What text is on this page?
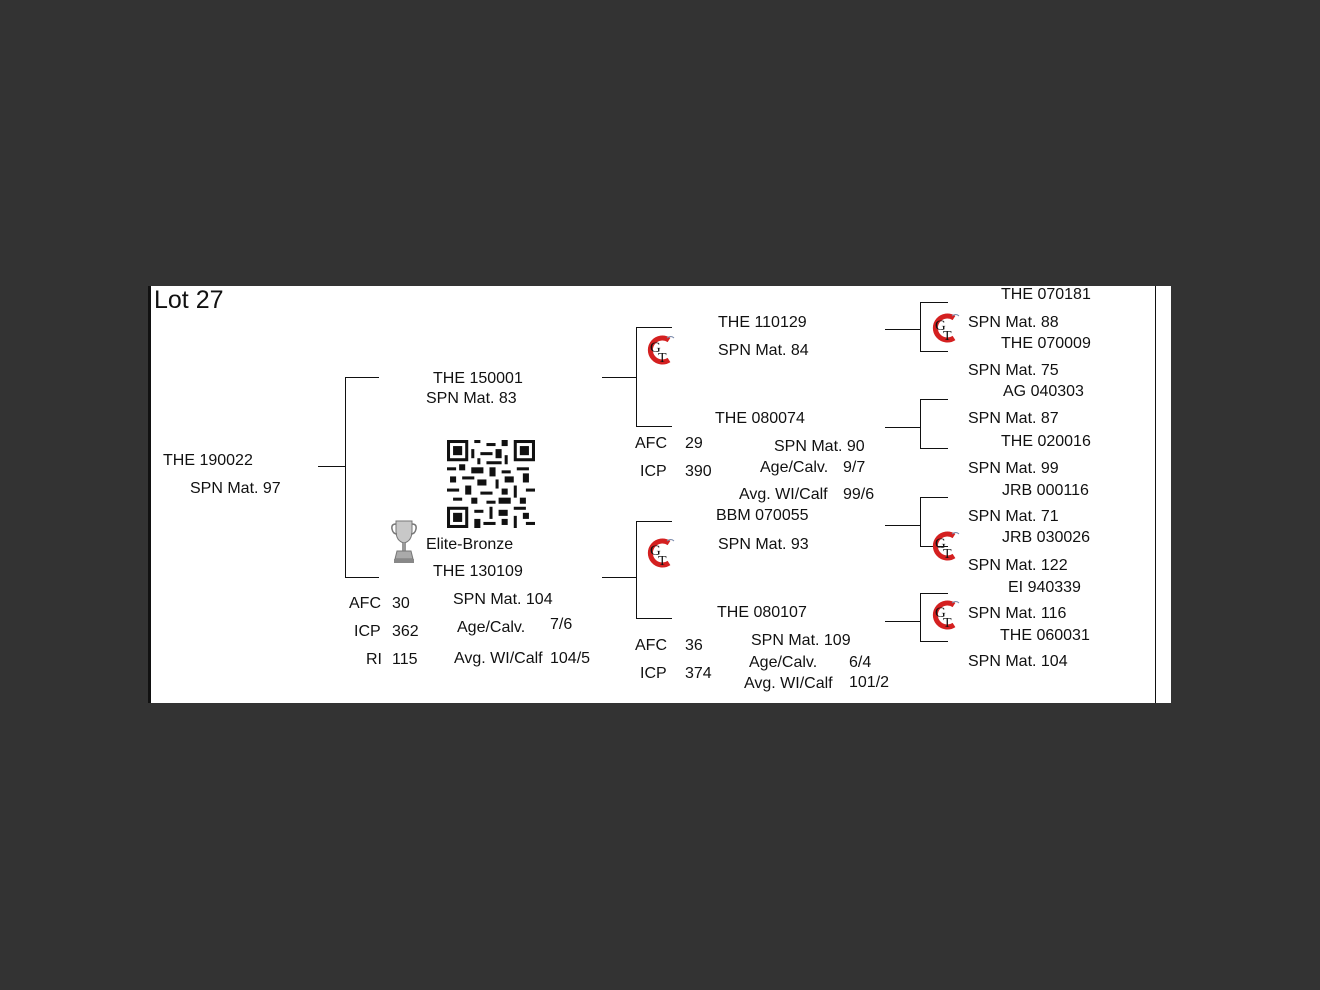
Lot 27
THE 190022
SPN Mat. 97
THE 150001
SPN Mat. 83
Elite-Bronze
THE 130109
SPN Mat. 104
AFC 30
ICP 362
RI 115
Age/Calv. 7/6
Avg. WI/Calf 104/5
G
T
G
T
THE 110129
SPN Mat. 84
THE 080074
AFC 29
ICP 390
SPN Mat. 90
Age/Calv. 9/7
Avg. WI/Calf 99/6
BBM 070055
SPN Mat. 93
THE 080107
AFC 36
ICP 374
SPN Mat. 109
Age/Calv. 6/4
Avg. WI/Calf 101/2
G
T
G
T
G
T
THE 070181
SPN Mat. 88
THE 070009
SPN Mat. 75
AG 040303
SPN Mat. 87
THE 020016
SPN Mat. 99
JRB 000116
SPN Mat. 71
JRB 030026
SPN Mat. 122
EI 940339
SPN Mat. 116
THE 060031
SPN Mat. 104
